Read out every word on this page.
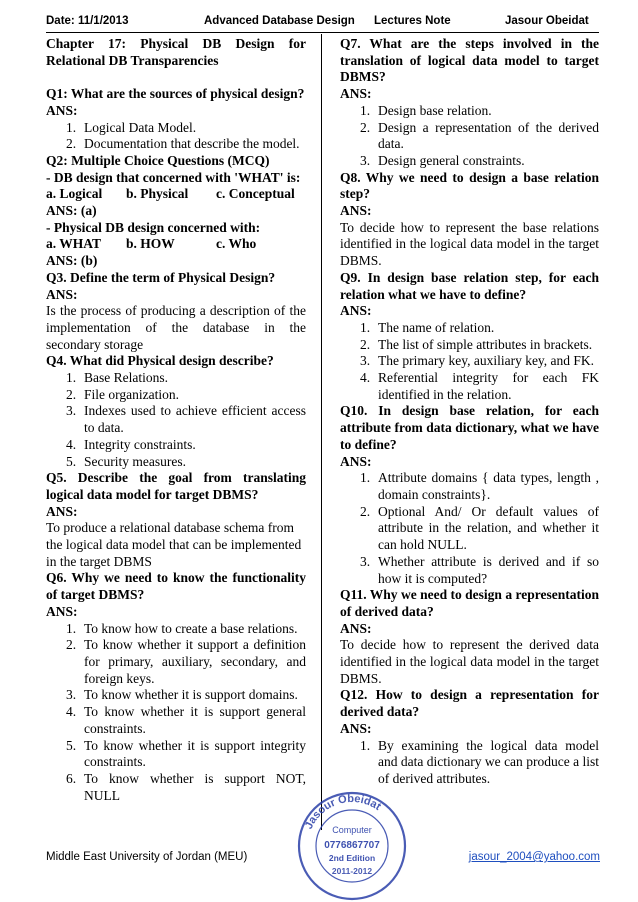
Date: 11/1/2013	Advanced Database Design Lectures Note	Jasour Obeidat

Chapter 17: Physical DB Design for Relational DB Transparencies

Q1: What are the sources of physical design?

ANS:

1. Logical Data Model.
2. Documentation that describe the model.

Q2: Multiple Choice Questions (MCQ)

- DB design that concerned with 'WHAT' is:

a. Logical	b. Physical	c. Conceptual

ANS: (a)

- Physical DB design concerned with:

a. WHAT	b. HOW	c. Who

ANS: (b)

Q3. Define the term of Physical Design?

ANS:

Is the process of producing a description of the implementation of the database in the secondary storage

Q4. What did Physical design describe?

1. Base Relations.
2. File organization.
3. Indexes used to achieve efficient access to data.
4. Integrity constraints.
5. Security measures.

Q5. Describe the goal from translating logical data model for target DBMS?

ANS:

To produce a relational database schema from the logical data model that can be implemented in the target DBMS

Q6. Why we need to know the functionality of target DBMS?

ANS:

1. To know how to create a base relations.
2. To know whether it support a definition for primary, auxiliary, secondary, and foreign keys.
3. To know whether it is support domains.
4. To know whether it is support general constraints.
5. To know whether it is support integrity constraints.
6. To know whether is support NOT, NULL

Q7. What are the steps involved in the translation of logical data model to target DBMS?

ANS:

1. Design base relation.
2. Design a representation of the derived data.
3. Design general constraints.

Q8. Why we need to design a base relation step?

ANS:

To decide how to represent the base relations identified in the logical data model in the target DBMS.

Q9. In design base relation step, for each relation what we have to define?

ANS:

1. The name of relation.
2. The list of simple attributes in brackets.
3. The primary key, auxiliary key, and FK.
4. Referential integrity for each FK identified in the relation.

Q10. In design base relation, for each attribute from data dictionary, what we have to define?

ANS:

1. Attribute domains { data types, length , domain constraints}.
2. Optional And/ Or default values of attribute in the relation, and whether it can hold NULL.
3. Whether attribute is derived and if so how it is computed?

Q11. Why we need to design a representation of derived data?

ANS:

To decide how to represent the derived data identified in the logical data model in the target DBMS.

Q12. How to design a representation for derived data?

ANS:

1. By examining the logical data model and data dictionary we can produce a list of derived attributes.
Jasour Obeidat
Computer
0776867707
2nd Edition
2011-2012
Middle East University of Jordan (MEU)	jasour_2004@yahoo.com
